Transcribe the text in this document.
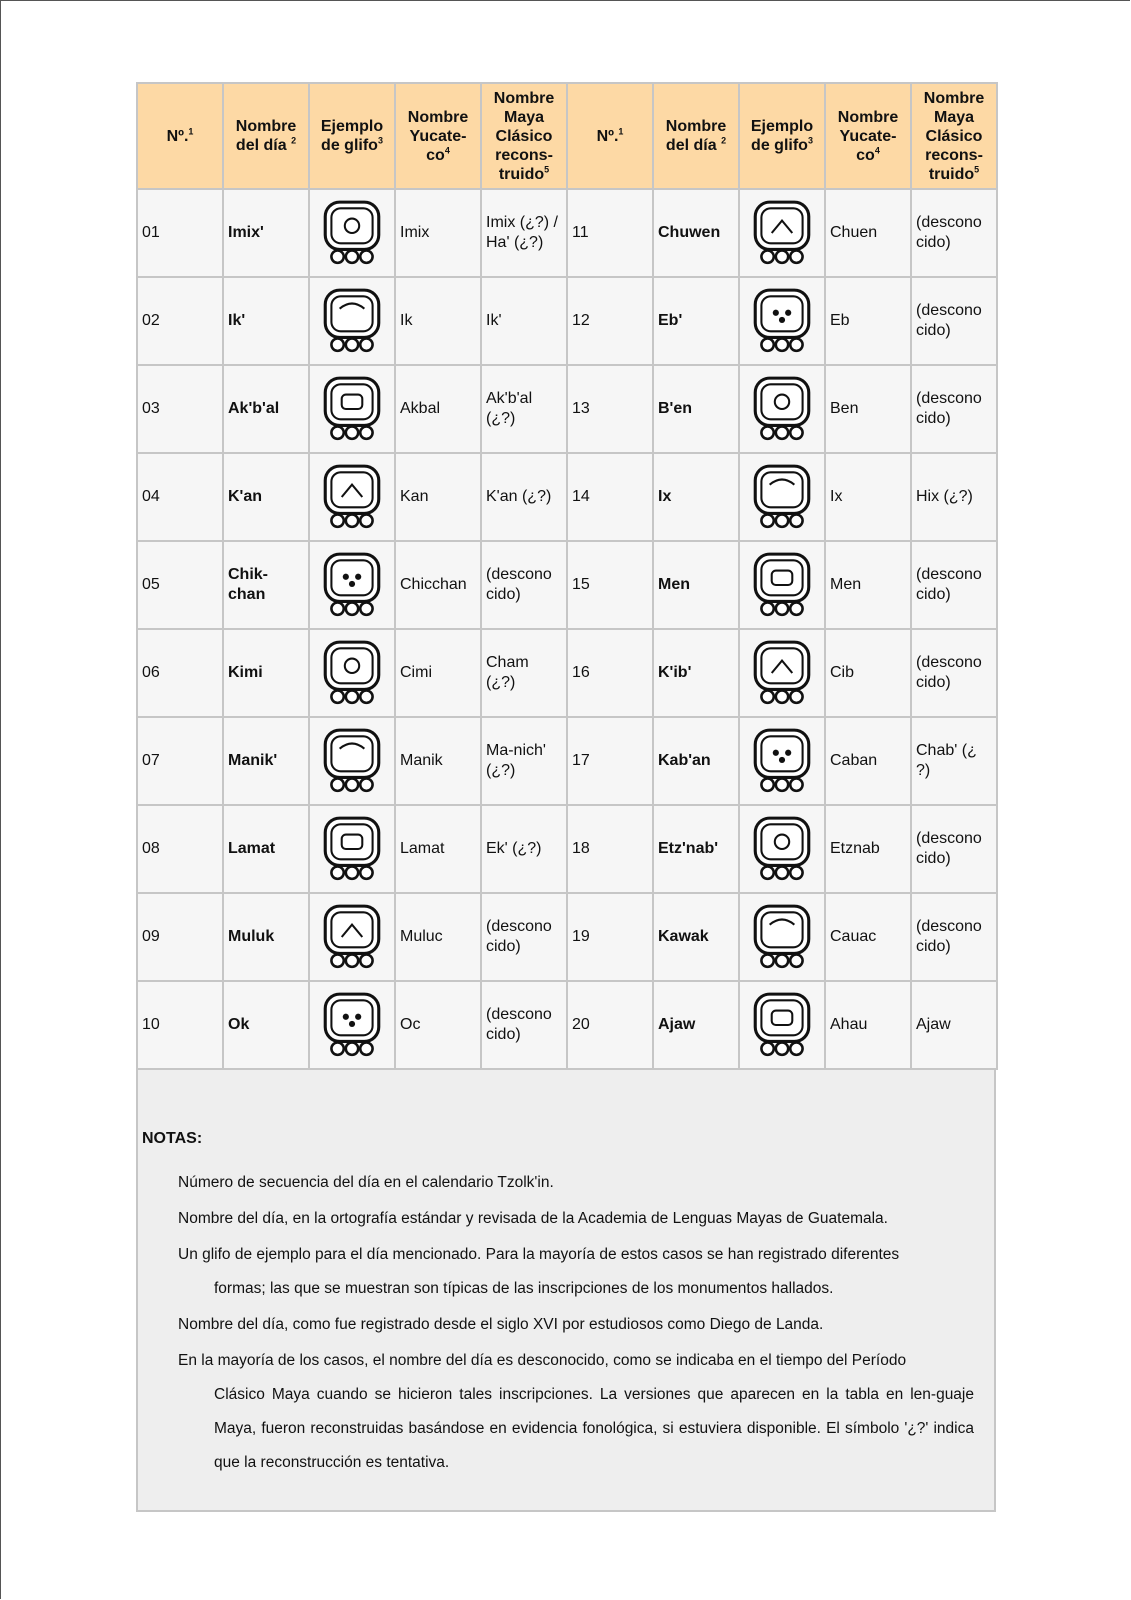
Nº.$^1$	Nombre
del día $^2$	Ejemplo
de glifo$^3$	Nombre
Yucate-
$co^4$	Nombre
Maya
Clásico
recons-
truido$^5$	Nº.$^1$	Nombre
del día $^2$	Ejemplo
de glifo$^3$	Nombre
Yucate-
$co^4$	Nombre
Maya
Clásico
recons-
truido$^5$
01	Imix'		Imix	Imix (¿?) / Ha' (¿?)	11	Chuwen		Chuen	(descono cido)
02	Ik'		Ik	Ik'	12	Eb'		Eb	(descono cido)
03	Ak'b'al		Akbal	Ak'b'al (¿?)	13	B'en		Ben	(descono cido)
04	K'an		Kan	K'an (¿?)	14	Ix		Ix	Hix (¿?)
05	Chik-chan		Chicchan	(descono cido)	15	Men		Men	(descono cido)
06	Kimi		Cimi	Cham (¿?)	16	K'ib'		Cib	(descono cido)
07	Manik'		Manik	Ma-nich' (¿?)	17	Kab'an		Caban	Chab' (¿ ?)
08	Lamat		Lamat	Ek' (¿?)	18	Etz'nab'		Etznab	(descono cido)
09	Muluk		Muluc	(descono cido)	19	Kawak		Cauac	(descono cido)
10	Ok		Oc	(descono cido)	20	Ajaw		Ahau	Ajaw
NOTAS:
Número de secuencia del día en el calendario Tzolk'in.
Nombre del día, en la ortografía estándar y revisada de la Academia de Lenguas Mayas de Guatemala.
Un glifo de ejemplo para el día mencionado. Para la mayoría de estos casos se han registrado diferentes
formas; las que se muestran son típicas de las inscripciones de los monumentos hallados.
Nombre del día, como fue registrado desde el siglo XVI por estudiosos como Diego de Landa.
En la mayoría de los casos, el nombre del día es desconocido, como se indicaba en el tiempo del Período
Clásico Maya cuando se hicieron tales inscripciones. La versiones que aparecen en la tabla en len-guaje Maya, fueron reconstruidas basándose en evidencia fonológica, si estuviera disponible. El símbolo '¿?' indica que la reconstrucción es tentativa.
